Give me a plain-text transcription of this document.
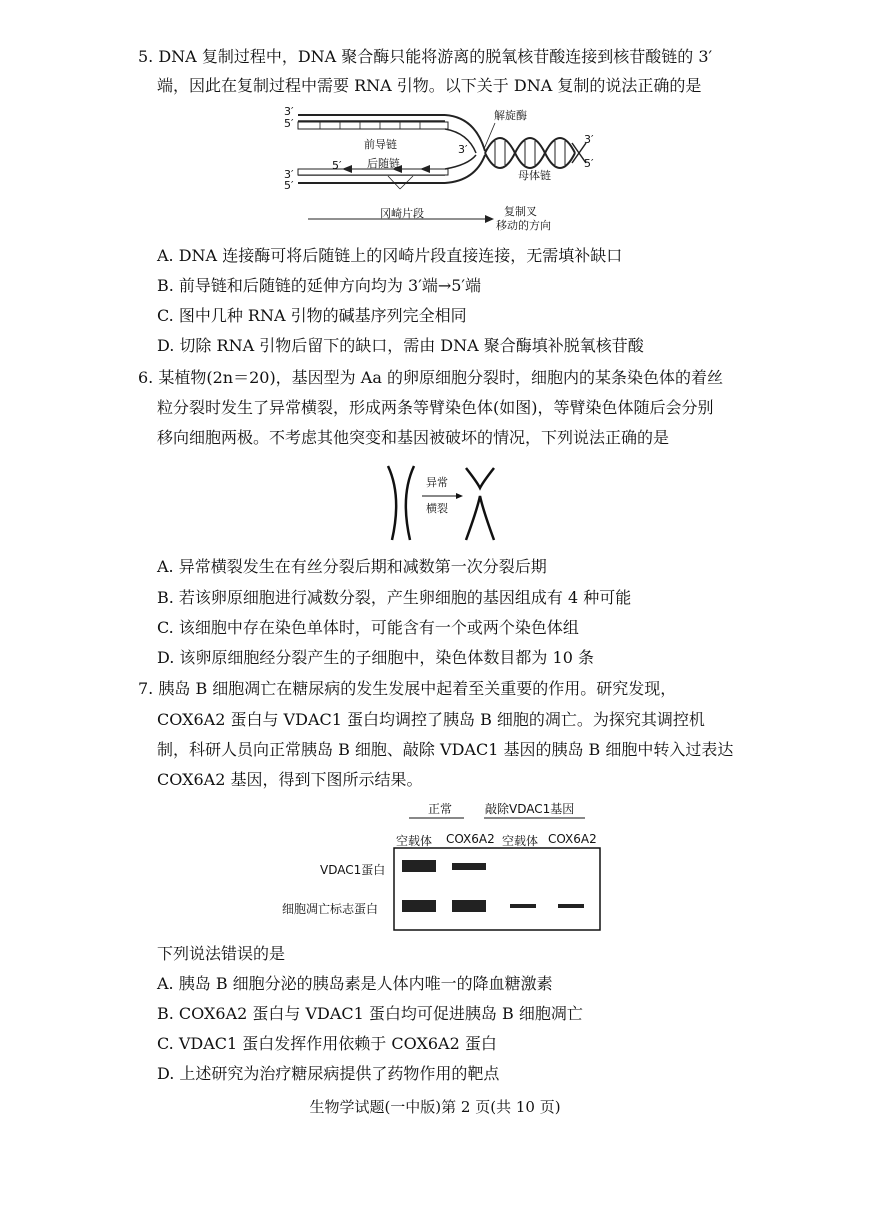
5. DNA 复制过程中，DNA 聚合酶只能将游离的脱氧核苷酸连接到核苷酸链的 3′
端，因此在复制过程中需要 RNA 引物。以下关于 DNA 复制的说法正确的是
3′
5′
前导链
后随链
5′
3′
5′
解旋酶
3′
3′
5′
母体链
冈崎片段	复制叉
移动的方向
A. DNA 连接酶可将后随链上的冈崎片段直接连接，无需填补缺口
B. 前导链和后随链的延伸方向均为 3′端→5′端
C. 图中几种 RNA 引物的碱基序列完全相同
D. 切除 RNA 引物后留下的缺口，需由 DNA 聚合酶填补脱氧核苷酸
6. 某植物(2n＝20)，基因型为 Aa 的卵原细胞分裂时，细胞内的某条染色体的着丝
粒分裂时发生了异常横裂，形成两条等臂染色体(如图)，等臂染色体随后会分别
移向细胞两极。不考虑其他突变和基因被破坏的情况，下列说法正确的是
异常
横裂
A. 异常横裂发生在有丝分裂后期和减数第一次分裂后期
B. 若该卵原细胞进行减数分裂，产生卵细胞的基因组成有 4 种可能
C. 该细胞中存在染色单体时，可能含有一个或两个染色体组
D. 该卵原细胞经分裂产生的子细胞中，染色体数目都为 10 条
7. 胰岛 B 细胞凋亡在糖尿病的发生发展中起着至关重要的作用。研究发现，
COX6A2 蛋白与 VDAC1 蛋白均调控了胰岛 B 细胞的凋亡。为探究其调控机
制，科研人员向正常胰岛 B 细胞、敲除 VDAC1 基因的胰岛 B 细胞中转入过表达
COX6A2 基因，得到下图所示结果。
正常	敲除VDAC1基因
空载体 COX6A2 空载体 COX6A2
VDAC1蛋白
细胞凋亡标志蛋白
下列说法错误的是
A. 胰岛 B 细胞分泌的胰岛素是人体内唯一的降血糖激素
B. COX6A2 蛋白与 VDAC1 蛋白均可促进胰岛 B 细胞凋亡
C. VDAC1 蛋白发挥作用依赖于 COX6A2 蛋白
D. 上述研究为治疗糖尿病提供了药物作用的靶点
生物学试题(一中版)第 2 页(共 10 页)
